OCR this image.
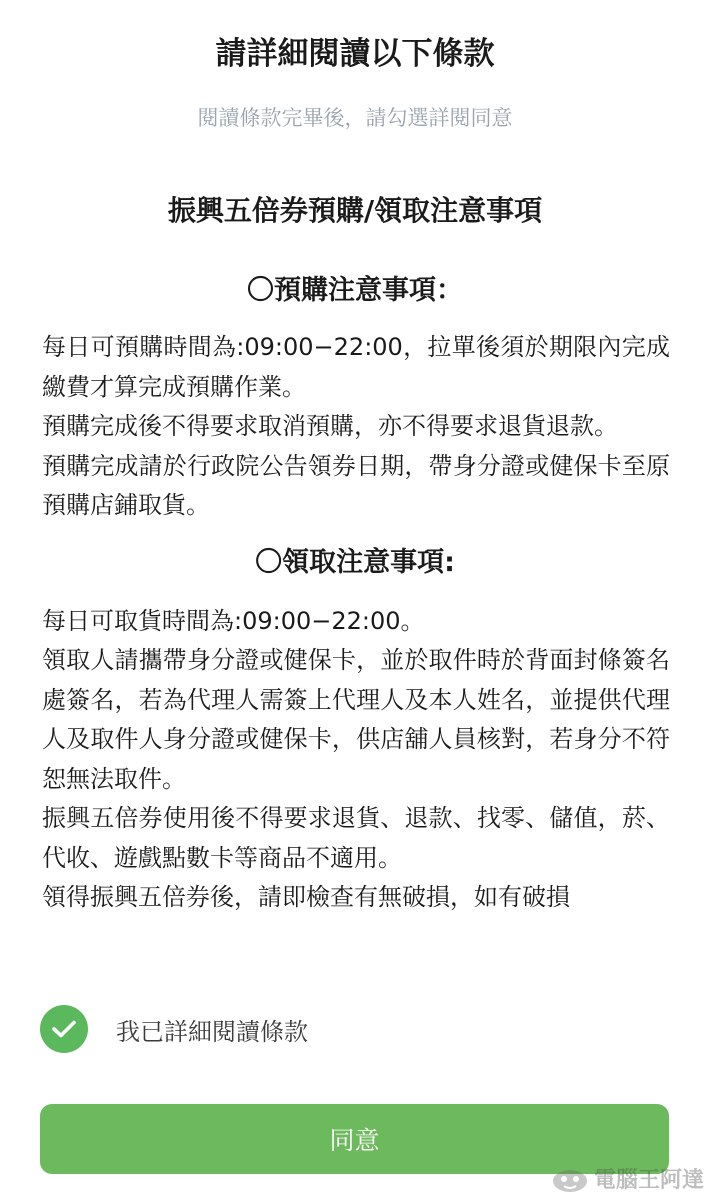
請詳細閱讀以下條款
閱讀條款完畢後，請勾選詳閱同意
振興五倍券預購/領取注意事項
〇預購注意事項：

每日可預購時間為:09:00−22:00，拉單後須於期限內完成繳費才算完成預購作業。

預購完成後不得要求取消預購，亦不得要求退貨退款。

預購完成請於行政院公告領券日期，帶身分證或健保卡至原預購店鋪取貨。

〇領取注意事項:

每日可取貨時間為:09:00−22:00。

領取人請攜帶身分證或健保卡，並於取件時於背面封條簽名處簽名，若為代理人需簽上代理人及本人姓名，並提供代理人及取件人身分證或健保卡，供店舖人員核對，若身分不符恕無法取件。

振興五倍券使用後不得要求退貨、退款、找零、儲值，菸、代收、遊戲點數卡等商品不適用。

領得振興五倍券後，請即檢查有無破損，如有破損

我已詳細閱讀條款
同意
電腦王阿達
